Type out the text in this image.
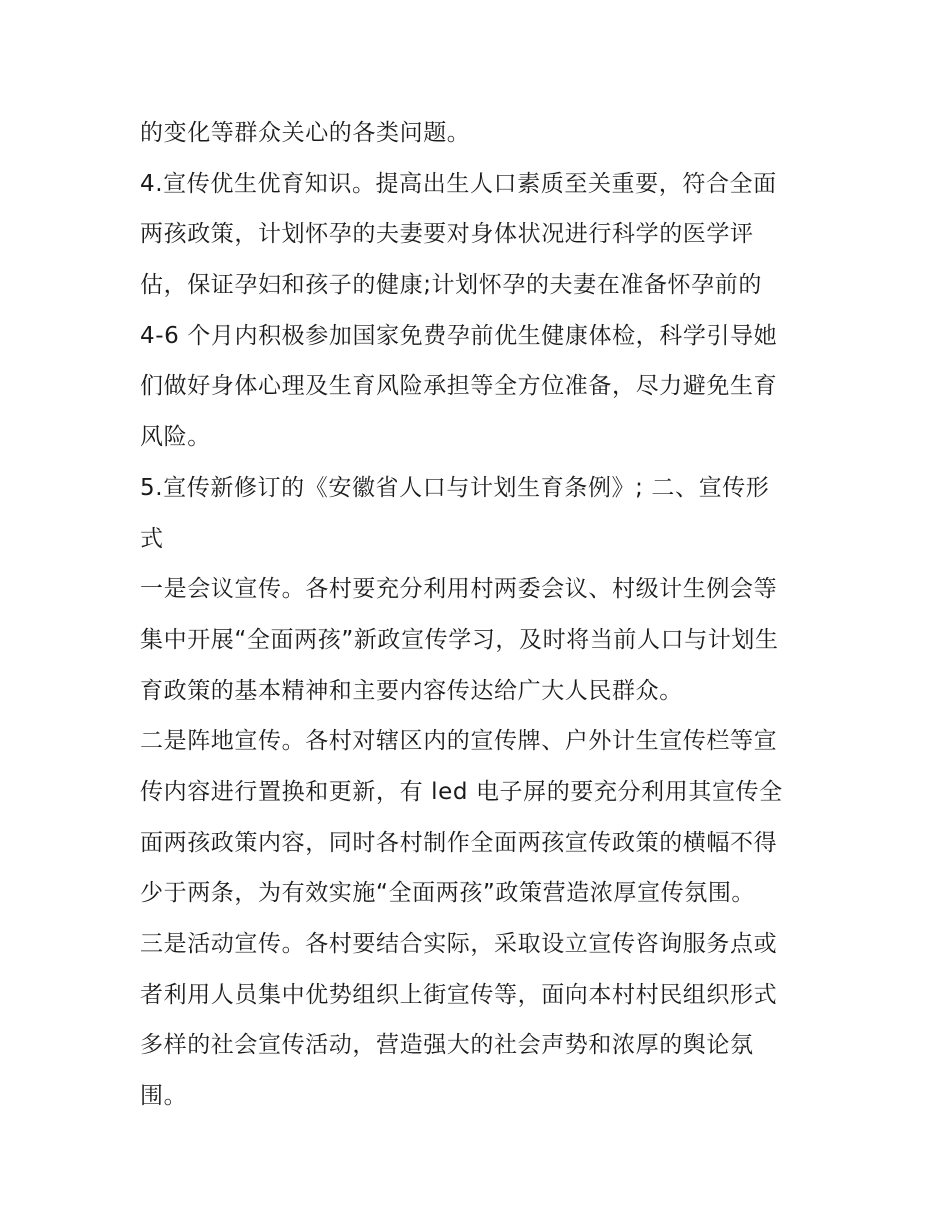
的变化等群众关心的各类问题。
4.宣传优生优育知识。提高出生人口素质至关重要，符合全面
两孩政策，计划怀孕的夫妻要对身体状况进行科学的医学评
估，保证孕妇和孩子的健康;计划怀孕的夫妻在准备怀孕前的
4-6 个月内积极参加国家免费孕前优生健康体检，科学引导她
们做好身体心理及生育风险承担等全方位准备，尽力避免生育
风险。
5.宣传新修订的《安徽省人口与计划生育条例》; 二、宣传形
式
一是会议宣传。各村要充分利用村两委会议、村级计生例会等
集中开展“全面两孩”新政宣传学习，及时将当前人口与计划生
育政策的基本精神和主要内容传达给广大人民群众。
二是阵地宣传。各村对辖区内的宣传牌、户外计生宣传栏等宣
传内容进行置换和更新，有 led 电子屏的要充分利用其宣传全
面两孩政策内容，同时各村制作全面两孩宣传政策的横幅不得
少于两条，为有效实施“全面两孩”政策营造浓厚宣传氛围。
三是活动宣传。各村要结合实际，采取设立宣传咨询服务点或
者利用人员集中优势组织上街宣传等，面向本村村民组织形式
多样的社会宣传活动，营造强大的社会声势和浓厚的舆论氛
围。
